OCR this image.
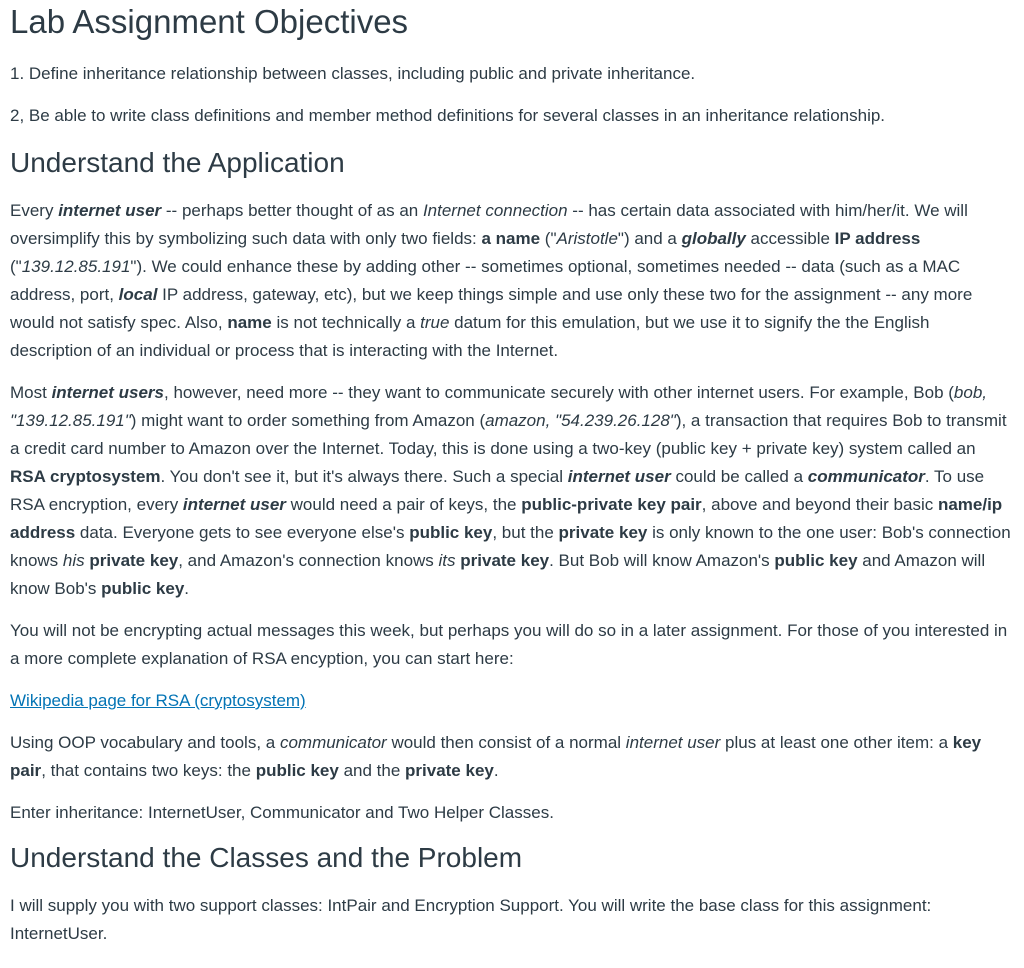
Lab Assignment Objectives

1. Define inheritance relationship between classes, including public and private inheritance.

2, Be able to write class definitions and member method definitions for several classes in an inheritance relationship.

Understand the Application

Every internet user -- perhaps better thought of as an Internet connection -- has certain data associated with him/her/it. We will oversimplify this by symbolizing such data with only two fields: a name ("Aristotle") and a globally accessible IP address ("139.12.85.191"). We could enhance these by adding other -- sometimes optional, sometimes needed -- data (such as a MAC address, port, local IP address, gateway, etc), but we keep things simple and use only these two for the assignment -- any more would not satisfy spec. Also, name is not technically a true datum for this emulation, but we use it to signify the the English description of an individual or process that is interacting with the Internet.

Most internet users, however, need more -- they want to communicate securely with other internet users. For example, Bob (bob, "139.12.85.191") might want to order something from Amazon (amazon, "54.239.26.128"), a transaction that requires Bob to transmit a credit card number to Amazon over the Internet. Today, this is done using a two-key (public key + private key) system called an RSA cryptosystem. You don't see it, but it's always there. Such a special internet user could be called a communicator. To use RSA encryption, every internet user would need a pair of keys, the public-private key pair, above and beyond their basic name/ip address data. Everyone gets to see everyone else's public key, but the private key is only known to the one user: Bob's connection knows his private key, and Amazon's connection knows its private key. But Bob will know Amazon's public key and Amazon will know Bob's public key.

You will not be encrypting actual messages this week, but perhaps you will do so in a later assignment. For those of you interested in a more complete explanation of RSA encyption, you can start here:

Wikipedia page for RSA (cryptosystem)

Using OOP vocabulary and tools, a communicator would then consist of a normal internet user plus at least one other item: a key pair, that contains two keys: the public key and the private key.

Enter inheritance: InternetUser, Communicator and Two Helper Classes.

Understand the Classes and the Problem

I will supply you with two support classes: IntPair and Encryption Support. You will write the base class for this assignment: InternetUser.
